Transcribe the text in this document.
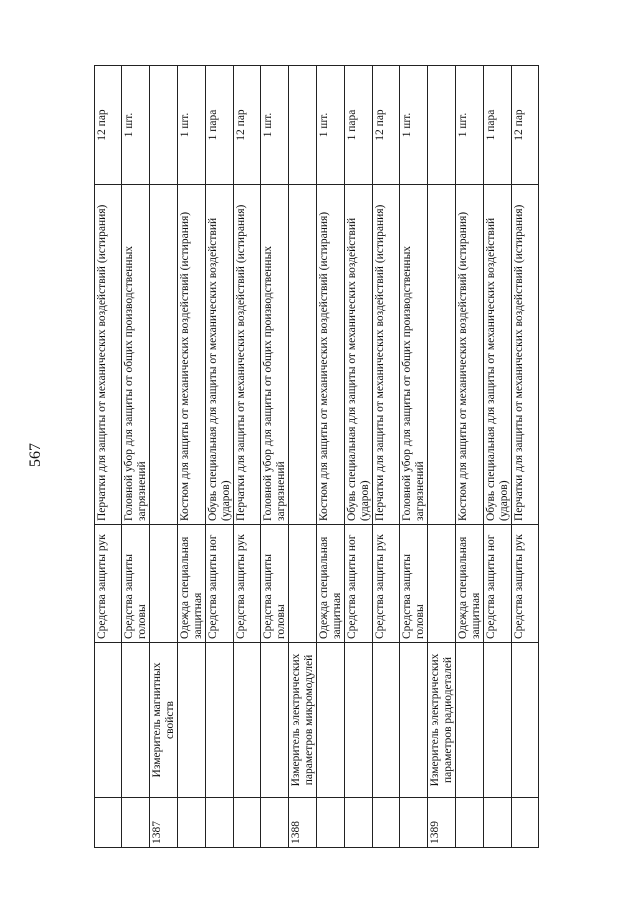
567
		Средства защиты рук	Перчатки для защиты от механических воздействий (истирания)	12 пар
		Средства защиты головы	Головной убор для защиты от общих производственных загрязнений	1 шт.
1387	Измеритель магнитных свойств			
		Одежда специальная защитная	Костюм для защиты от механических воздействий (истирания)	1 шт.
		Средства защиты ног	Обувь специальная для защиты от механических воздействий (ударов)	1 пара
		Средства защиты рук	Перчатки для защиты от механических воздействий (истирания)	12 пар
		Средства защиты головы	Головной убор для защиты от общих производственных загрязнений	1 шт.
1388	Измеритель электрических параметров микромодулей			
		Одежда специальная защитная	Костюм для защиты от механических воздействий (истирания)	1 шт.
		Средства защиты ног	Обувь специальная для защиты от механических воздействий (ударов)	1 пара
		Средства защиты рук	Перчатки для защиты от механических воздействий (истирания)	12 пар
		Средства защиты головы	Головной убор для защиты от общих производственных загрязнений	1 шт.
1389	Измеритель электрических параметров радиодеталей			
		Одежда специальная защитная	Костюм для защиты от механических воздействий (истирания)	1 шт.
		Средства защиты ног	Обувь специальная для защиты от механических воздействий (ударов)	1 пара
		Средства защиты рук	Перчатки для защиты от механических воздействий (истирания)	12 пар
